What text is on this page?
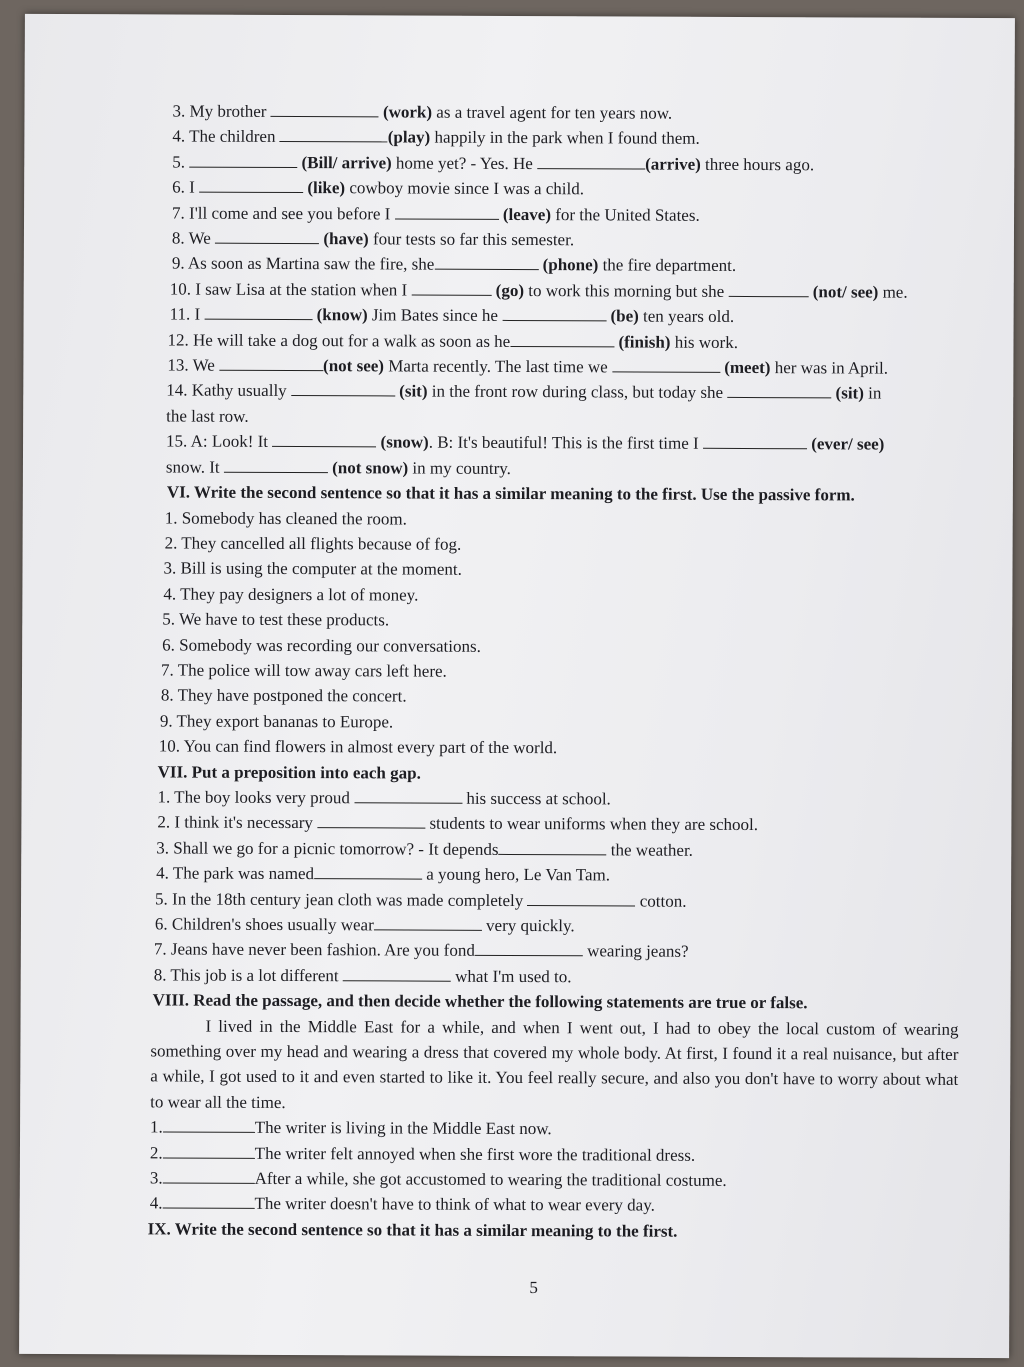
3. My brother	(work) as a travel agent for ten years now.
4. The children	(play) happily in the park when I found them.
5.	(Bill/ arrive) home yet? - Yes. He	(arrive) three hours ago.
6. I	(like) cowboy movie since I was a child.
7. I'll come and see you before I	(leave) for the United States.
8. We	(have) four tests so far this semester.
9. As soon as Martina saw the fire, she	(phone) the fire department.
10. I saw Lisa at the station when I	(go) to work this morning but she	(not/ see) me.
11. I	(know) Jim Bates since he	(be) ten years old.
12. He will take a dog out for a walk as soon as he	(finish) his work.
13. We	(not see) Marta recently. The last time we	(meet) her was in April.
14. Kathy usually	(sit) in the front row during class, but today she	(sit) in
the last row.
15. A: Look! It	(snow). B: It's beautiful! This is the first time I	(ever/ see)
snow. It	(not snow) in my country.
VI. Write the second sentence so that it has a similar meaning to the first. Use the passive form.
1. Somebody has cleaned the room.
2. They cancelled all flights because of fog.
3. Bill is using the computer at the moment.
4. They pay designers a lot of money.
5. We have to test these products.
6. Somebody was recording our conversations.
7. The police will tow away cars left here.
8. They have postponed the concert.
9. They export bananas to Europe.
10. You can find flowers in almost every part of the world.
VII. Put a preposition into each gap.
1. The boy looks very proud	his success at school.
2. I think it's necessary	students to wear uniforms when they are school.
3. Shall we go for a picnic tomorrow? - It depends	the weather.
4. The park was named	a young hero, Le Van Tam.
5. In the 18th century jean cloth was made completely	cotton.
6. Children's shoes usually wear	very quickly.
7. Jeans have never been fashion. Are you fond	wearing jeans?
8. This job is a lot different	what I'm used to.
VIII. Read the passage, and then decide whether the following statements are true or false.
I lived in the Middle East for a while, and when I went out, I had to obey the local custom of wearing something over my head and wearing a dress that covered my whole body. At first, I found it a real nuisance, but after a while, I got used to it and even started to like it. You feel really secure, and also you don't have to worry about what to wear all the time.
1.	The writer is living in the Middle East now.
2.	The writer felt annoyed when she first wore the traditional dress.
3.	After a while, she got accustomed to wearing the traditional costume.
4.	The writer doesn't have to think of what to wear every day.
IX. Write the second sentence so that it has a similar meaning to the first.
5
